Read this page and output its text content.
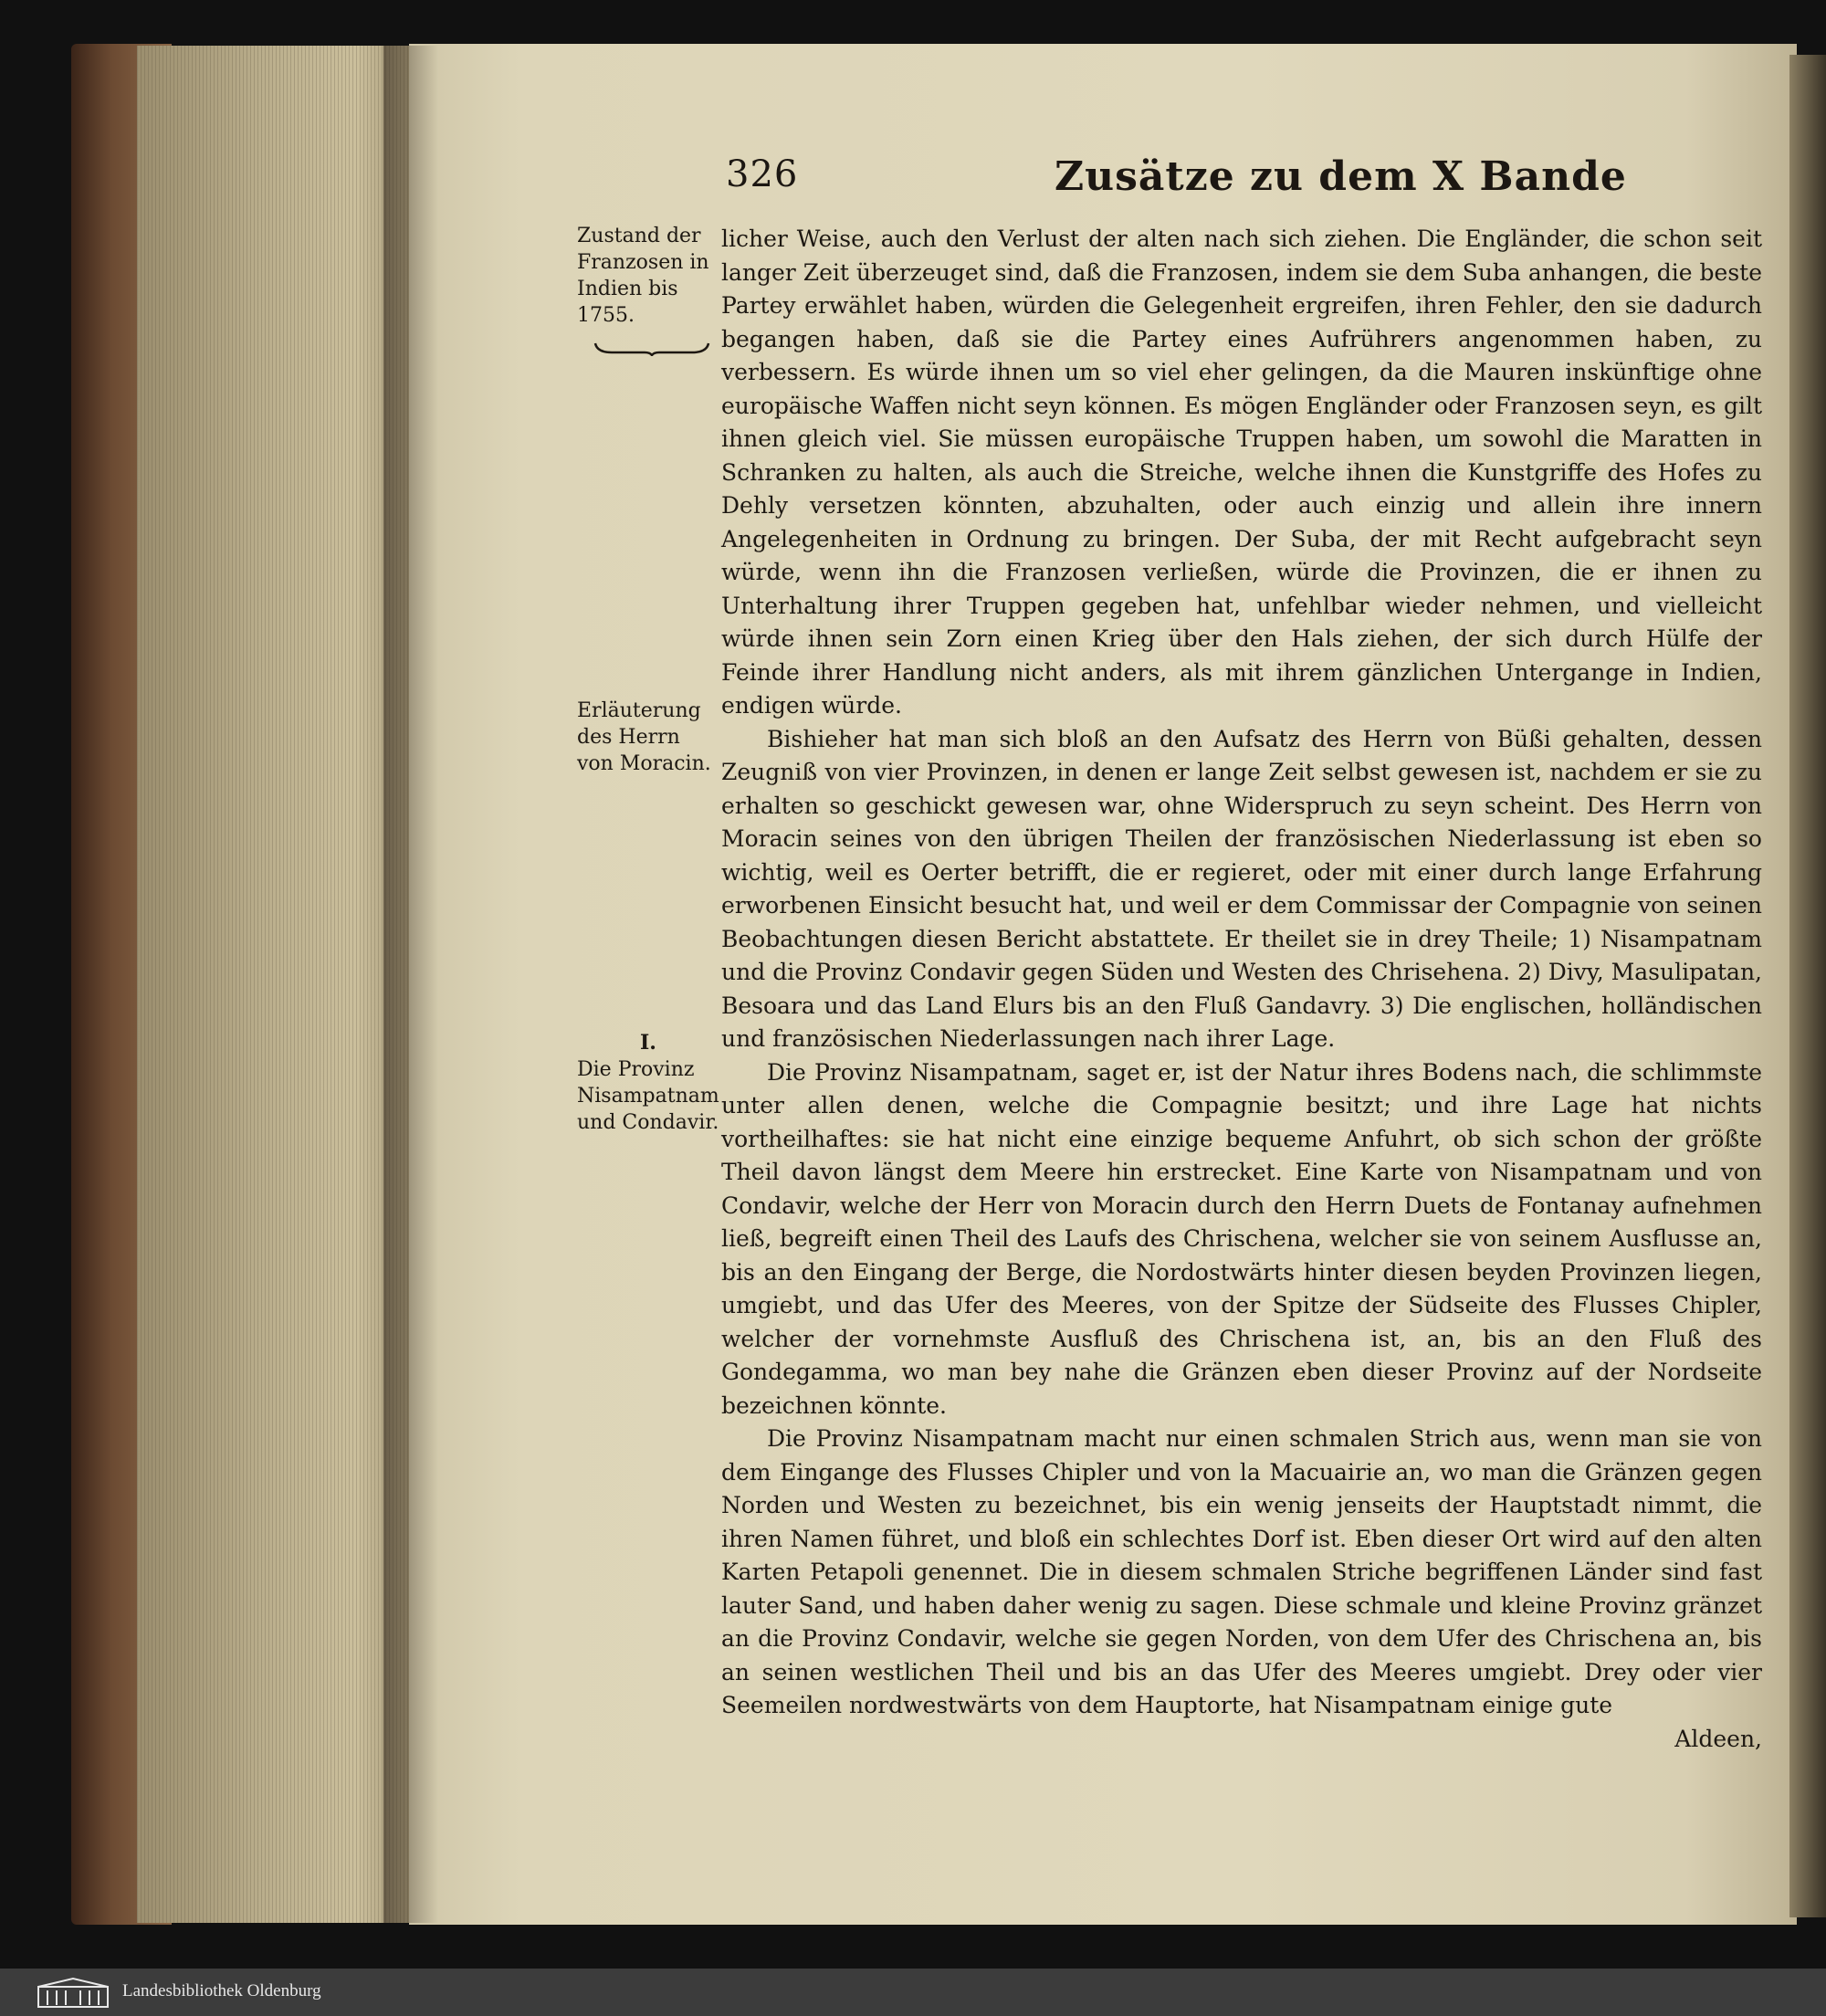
326	Zusätze zu dem X Bande
Zustand der Franzosen in Indien bis 1755.
Erläuterung des Herrn von Moracin.
I.
Die Provinz Nisampatnam und Condavir.

licher Weise, auch den Verlust der alten nach sich ziehen. Die Engländer, die schon seit langer Zeit überzeuget sind, daß die Franzosen, indem sie dem Suba anhangen, die beste Partey erwählet haben, würden die Gelegenheit ergreifen, ihren Fehler, den sie dadurch begangen haben, daß sie die Partey eines Aufrührers angenommen haben, zu verbessern. Es würde ihnen um so viel eher gelingen, da die Mauren inskünftige ohne europäische Waffen nicht seyn können. Es mögen Engländer oder Franzosen seyn, es gilt ihnen gleich viel. Sie müssen europäische Truppen haben, um sowohl die Maratten in Schranken zu halten, als auch die Streiche, welche ihnen die Kunstgriffe des Hofes zu Dehly versetzen könnten, abzuhalten, oder auch einzig und allein ihre innern Angelegenheiten in Ordnung zu bringen. Der Suba, der mit Recht aufgebracht seyn würde, wenn ihn die Franzosen verließen, würde die Provinzen, die er ihnen zu Unterhaltung ihrer Truppen gegeben hat, unfehlbar wieder nehmen, und vielleicht würde ihnen sein Zorn einen Krieg über den Hals ziehen, der sich durch Hülfe der Feinde ihrer Handlung nicht anders, als mit ihrem gänzlichen Untergange in Indien, endigen würde.

Bishieher hat man sich bloß an den Aufsatz des Herrn von Büßi gehalten, dessen Zeugniß von vier Provinzen, in denen er lange Zeit selbst gewesen ist, nachdem er sie zu erhalten so geschickt gewesen war, ohne Widerspruch zu seyn scheint. Des Herrn von Moracin seines von den übrigen Theilen der französischen Niederlassung ist eben so wichtig, weil es Oerter betrifft, die er regieret, oder mit einer durch lange Erfahrung erworbenen Einsicht besucht hat, und weil er dem Commissar der Compagnie von seinen Beobachtungen diesen Bericht abstattete. Er theilet sie in drey Theile; 1) Nisampatnam und die Provinz Condavir gegen Süden und Westen des Chrisehena. 2) Divy, Masulipatan, Besoara und das Land Elurs bis an den Fluß Gandavry. 3) Die englischen, holländischen und französischen Niederlassungen nach ihrer Lage.

Die Provinz Nisampatnam, saget er, ist der Natur ihres Bodens nach, die schlimmste unter allen denen, welche die Compagnie besitzt; und ihre Lage hat nichts vortheilhaftes: sie hat nicht eine einzige bequeme Anfuhrt, ob sich schon der größte Theil davon längst dem Meere hin erstrecket. Eine Karte von Nisampatnam und von Condavir, welche der Herr von Moracin durch den Herrn Duets de Fontanay aufnehmen ließ, begreift einen Theil des Laufs des Chrischena, welcher sie von seinem Ausflusse an, bis an den Eingang der Berge, die Nordostwärts hinter diesen beyden Provinzen liegen, umgiebt, und das Ufer des Meeres, von der Spitze der Südseite des Flusses Chipler, welcher der vornehmste Ausfluß des Chrischena ist, an, bis an den Fluß des Gondegamma, wo man bey nahe die Gränzen eben dieser Provinz auf der Nordseite bezeichnen könnte.

Die Provinz Nisampatnam macht nur einen schmalen Strich aus, wenn man sie von dem Eingange des Flusses Chipler und von la Macuairie an, wo man die Gränzen gegen Norden und Westen zu bezeichnet, bis ein wenig jenseits der Hauptstadt nimmt, die ihren Namen führet, und bloß ein schlechtes Dorf ist. Eben dieser Ort wird auf den alten Karten Petapoli genennet. Die in diesem schmalen Striche begriffenen Länder sind fast lauter Sand, und haben daher wenig zu sagen. Diese schmale und kleine Provinz gränzet an die Provinz Condavir, welche sie gegen Norden, von dem Ufer des Chrischena an, bis an seinen westlichen Theil und bis an das Ufer des Meeres umgiebt. Drey oder vier Seemeilen nordwestwärts von dem Hauptorte, hat Nisampatnam einige gute

Aldeen,

Landesbibliothek Oldenburg
